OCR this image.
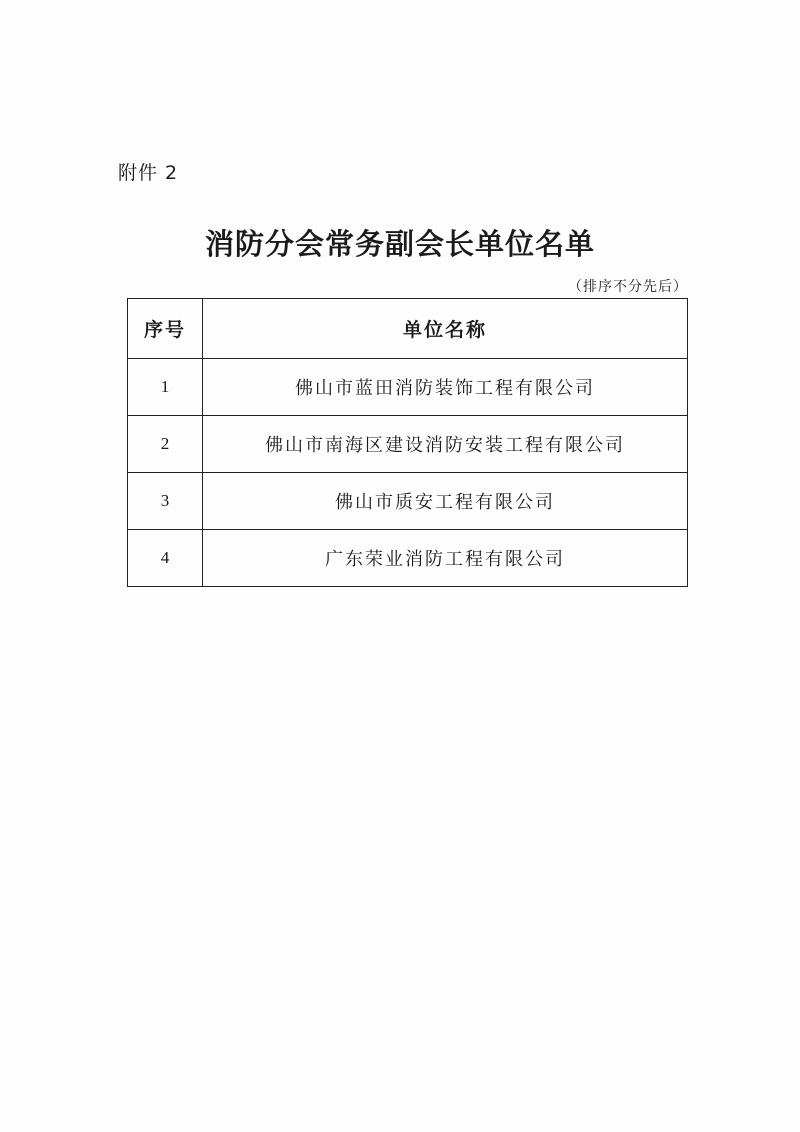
附件 2
消防分会常务副会长单位名单
（排序不分先后）
序号	单位名称
1	佛山市蓝田消防装饰工程有限公司
2	佛山市南海区建设消防安装工程有限公司
3	佛山市质安工程有限公司
4	广东荣业消防工程有限公司
